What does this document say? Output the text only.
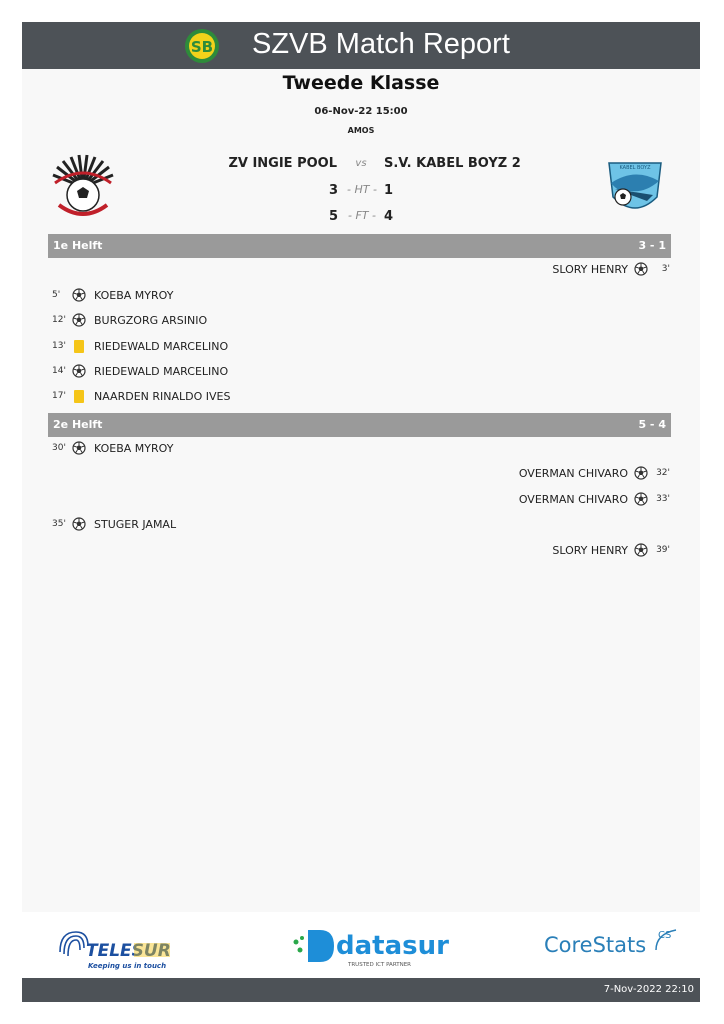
SB SZVB Match Report
Tweede Klasse
06-Nov-22 15:00
AMOS
KABEL BOYZ
ZV INGIE POOL	vs	S.V. KABEL BOYZ 2
3 - HT - 1
5 - FT - 4
1e Helft	3 - 1
2e Helft	5 - 4
SLORY HENRY	3'
5'	KOEBA MYROY
12'	BURGZORG ARSINIO
13'	RIEDEWALD MARCELINO
14'	RIEDEWALD MARCELINO
17'	NAARDEN RINALDO IVES
30'	KOEBA MYROY
OVERMAN CHIVARO	32'
OVERMAN CHIVARO	33'
35'	STUGER JAMAL
SLORY HENRY	39'
TELESUR
Keeping us in touch
datasur
TRUSTED ICT PARTNER
CoreStats CS
7-Nov-2022 22:10
